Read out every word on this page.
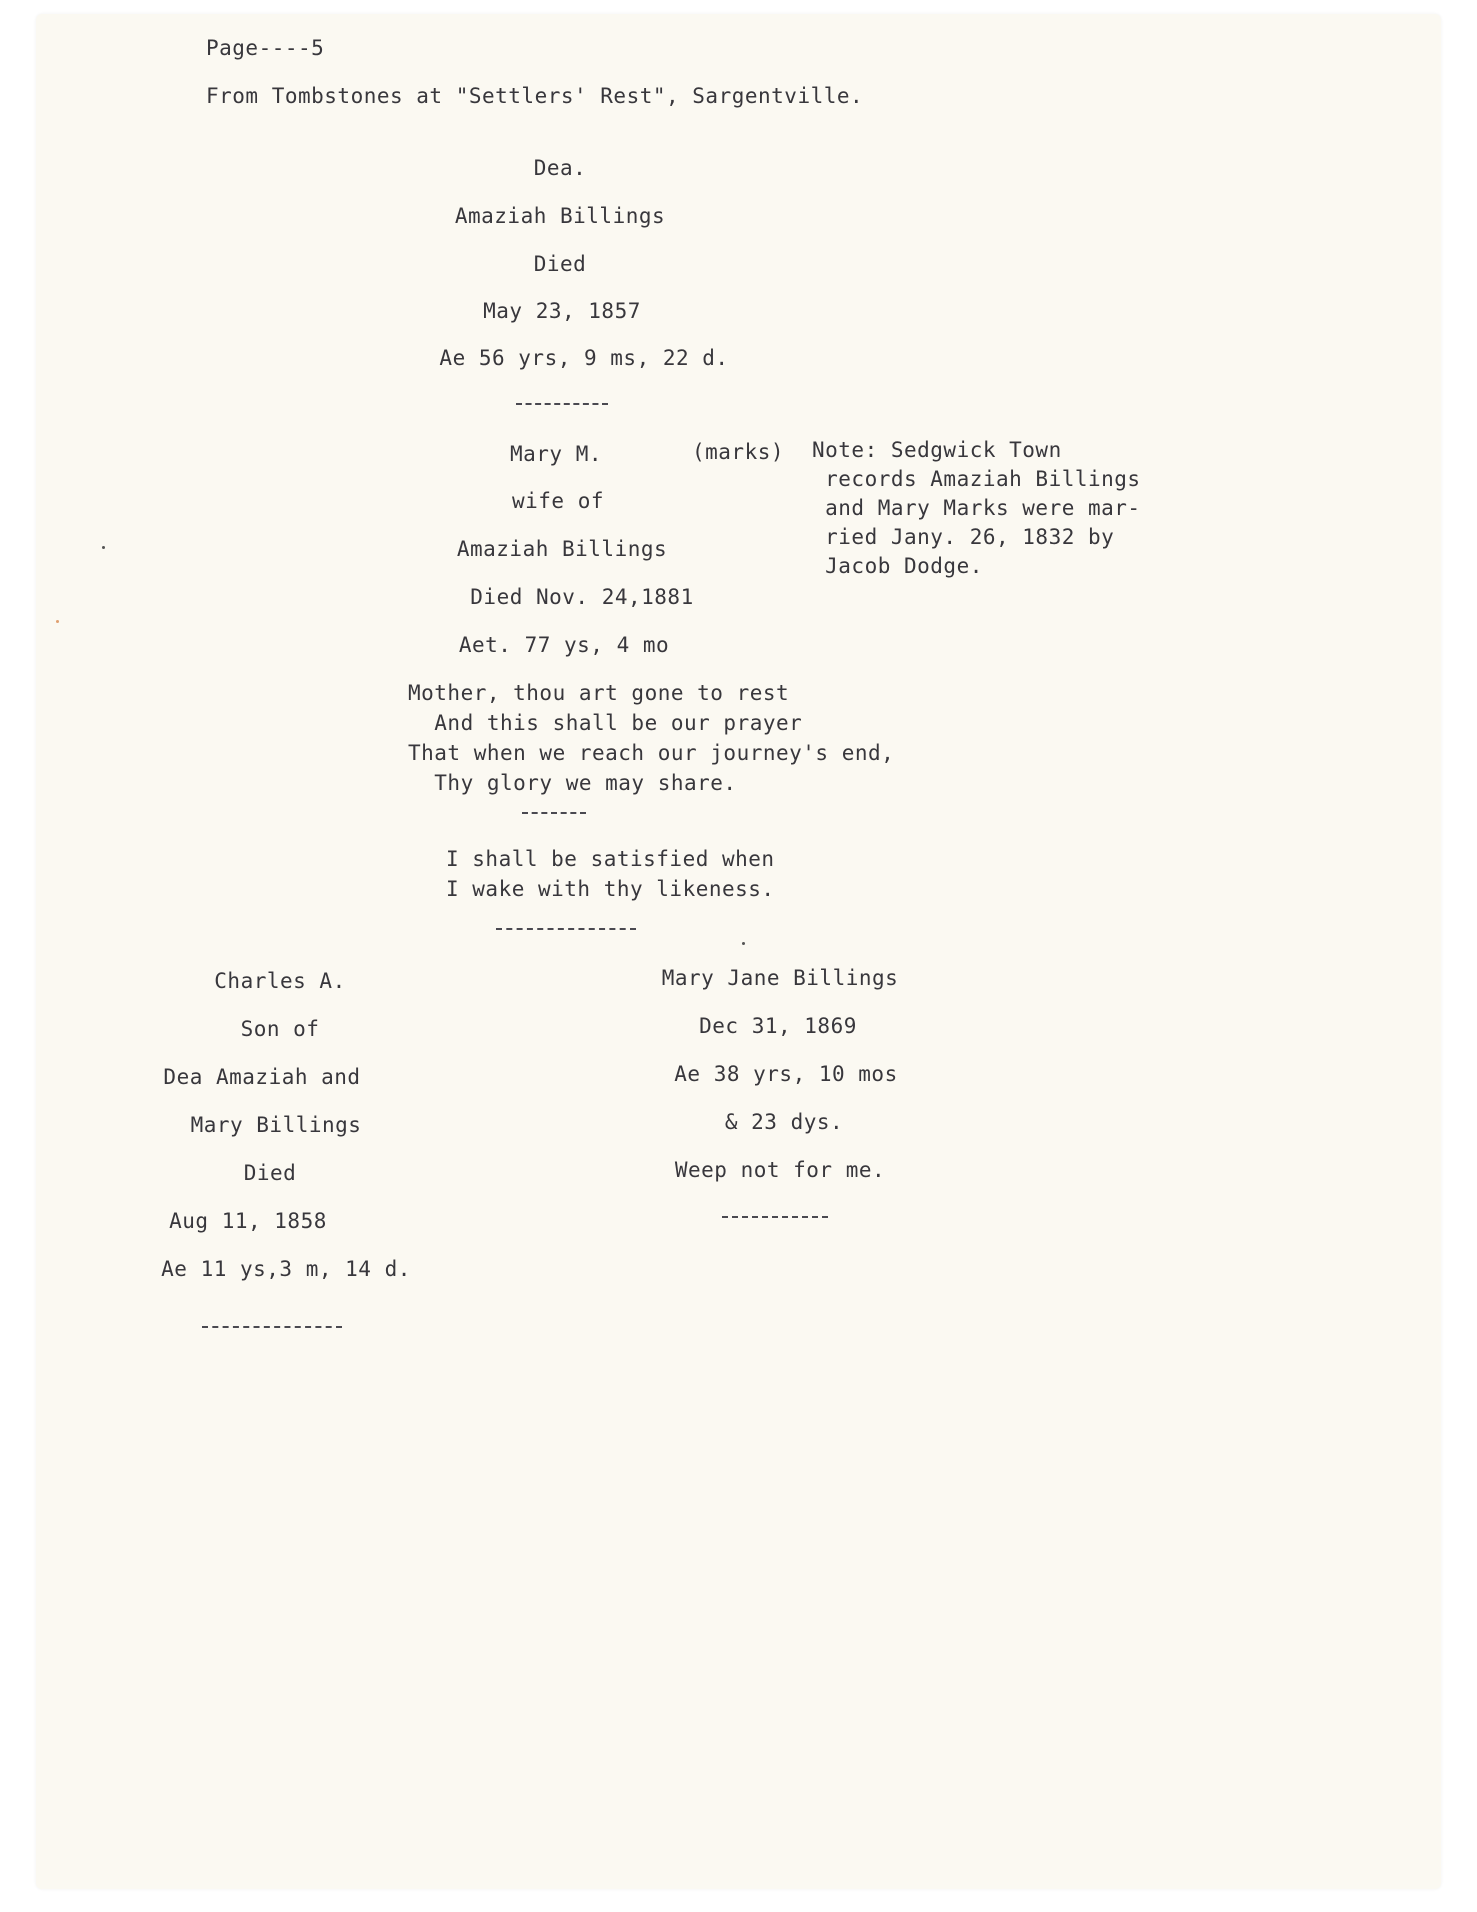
Page----5
From Tombstones at "Settlers' Rest", Sargentville.
Dea.
Amaziah Billings
Died
May 23, 1857
Ae 56 yrs, 9 ms, 22 d.
Mary M.	(marks)
wife of
Amaziah Billings
Died Nov. 24,1881
Aet. 77 ys, 4 mo
Note: Sedgwick Town
records Amaziah Billings
and Mary Marks were mar-
ried Jany. 26, 1832 by
Jacob Dodge.
Mother, thou art gone to rest
And this shall be our prayer
That when we reach our journey's end,
Thy glory we may share.
I shall be satisfied when
I wake with thy likeness.
Charles A.
Son of
Dea Amaziah and
Mary Billings
Died
Aug 11, 1858
Ae 11 ys,3 m, 14 d.
Mary Jane Billings
Dec 31, 1869
Ae 38 yrs, 10 mos
& 23 dys.
Weep not for me.
